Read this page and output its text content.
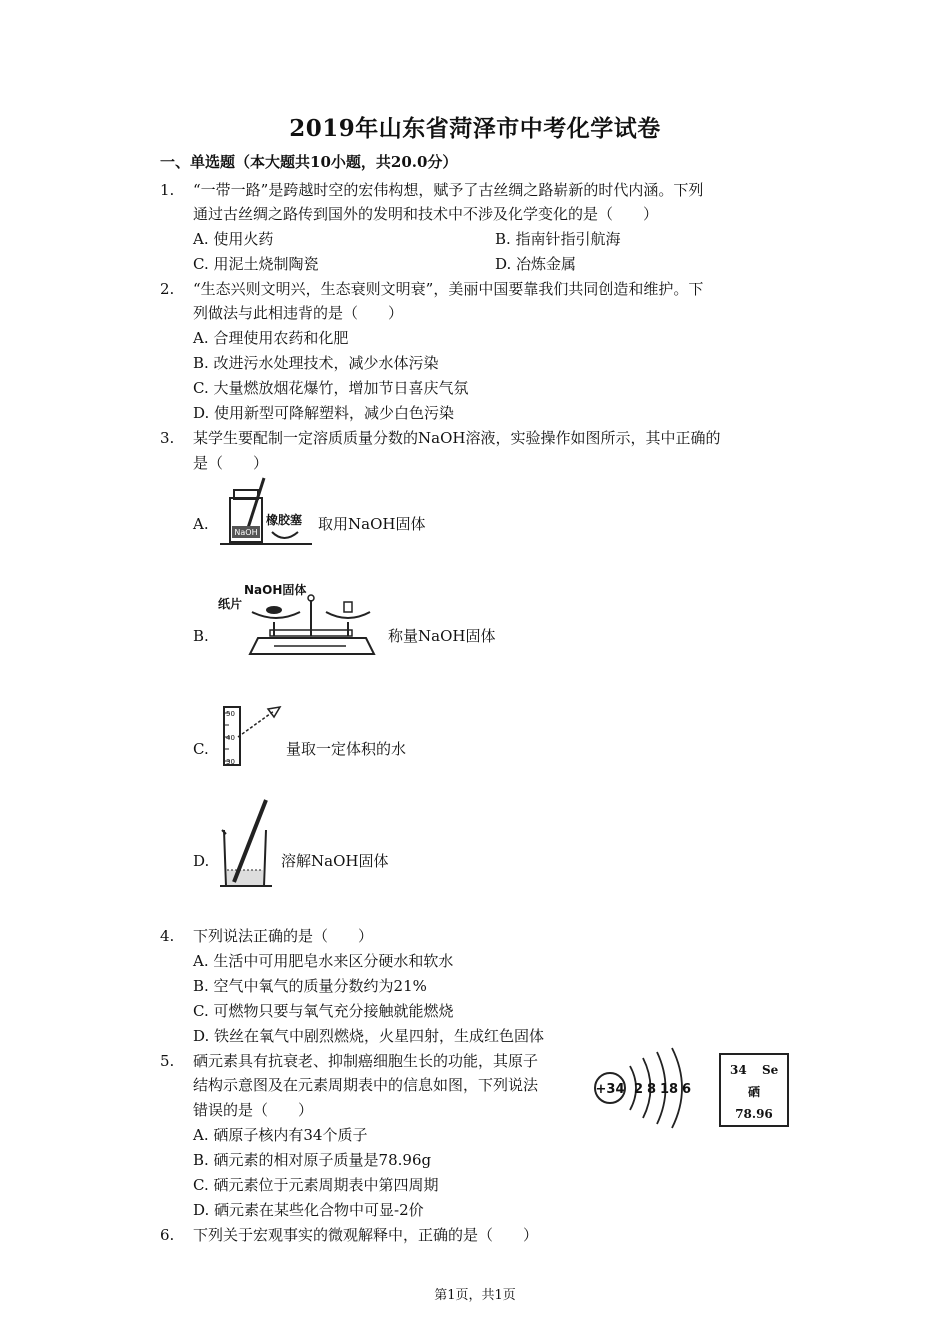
2019年山东省菏泽市中考化学试卷
一、单选题（本大题共10小题，共20.0分）
1. “一带一路”是跨越时空的宏伟构想，赋予了古丝绸之路崭新的时代内涵。下列
通过古丝绸之路传到国外的发明和技术中不涉及化学变化的是（　　）
A. 使用火药	B. 指南针指引航海
C. 用泥土烧制陶瓷	D. 冶炼金属
2. “生态兴则文明兴，生态衰则文明衰”，美丽中国要靠我们共同创造和维护。下
列做法与此相违背的是（　　）
A. 合理使用农药和化肥
B. 改进污水处理技术，减少水体污染
C. 大量燃放烟花爆竹，增加节日喜庆气氛
D. 使用新型可降解塑料，减少白色污染
3. 某学生要配制一定溶质质量分数的NaOH溶液，实验操作如图所示，其中正确的
是（　　）
A.	NaOH
橡胶塞 取用NaOH固体
B.
NaOH固体
纸片
称量NaOH固体
C.
50
40
30
量取一定体积的水
D.	溶解NaOH固体
4. 下列说法正确的是（　　）
A. 生活中可用肥皂水来区分硬水和软水
B. 空气中氧气的质量分数约为21%
C. 可燃物只要与氧气充分接触就能燃烧
D. 铁丝在氧气中剧烈燃烧，火星四射，生成红色固体
5. 硒元素具有抗衰老、抑制癌细胞生长的功能，其原子
结构示意图及在元素周期表中的信息如图，下列说法
错误的是（　　）
A. 硒原子核内有34个质子
B. 硒元素的相对原子质量是78.96g
C. 硒元素位于元素周期表中第四周期
D. 硒元素在某些化合物中可显-2价
+34 2 8 18 6
34 Se
硒
78.96
6. 下列关于宏观事实的微观解释中，正确的是（　　）
第1页，共1页
